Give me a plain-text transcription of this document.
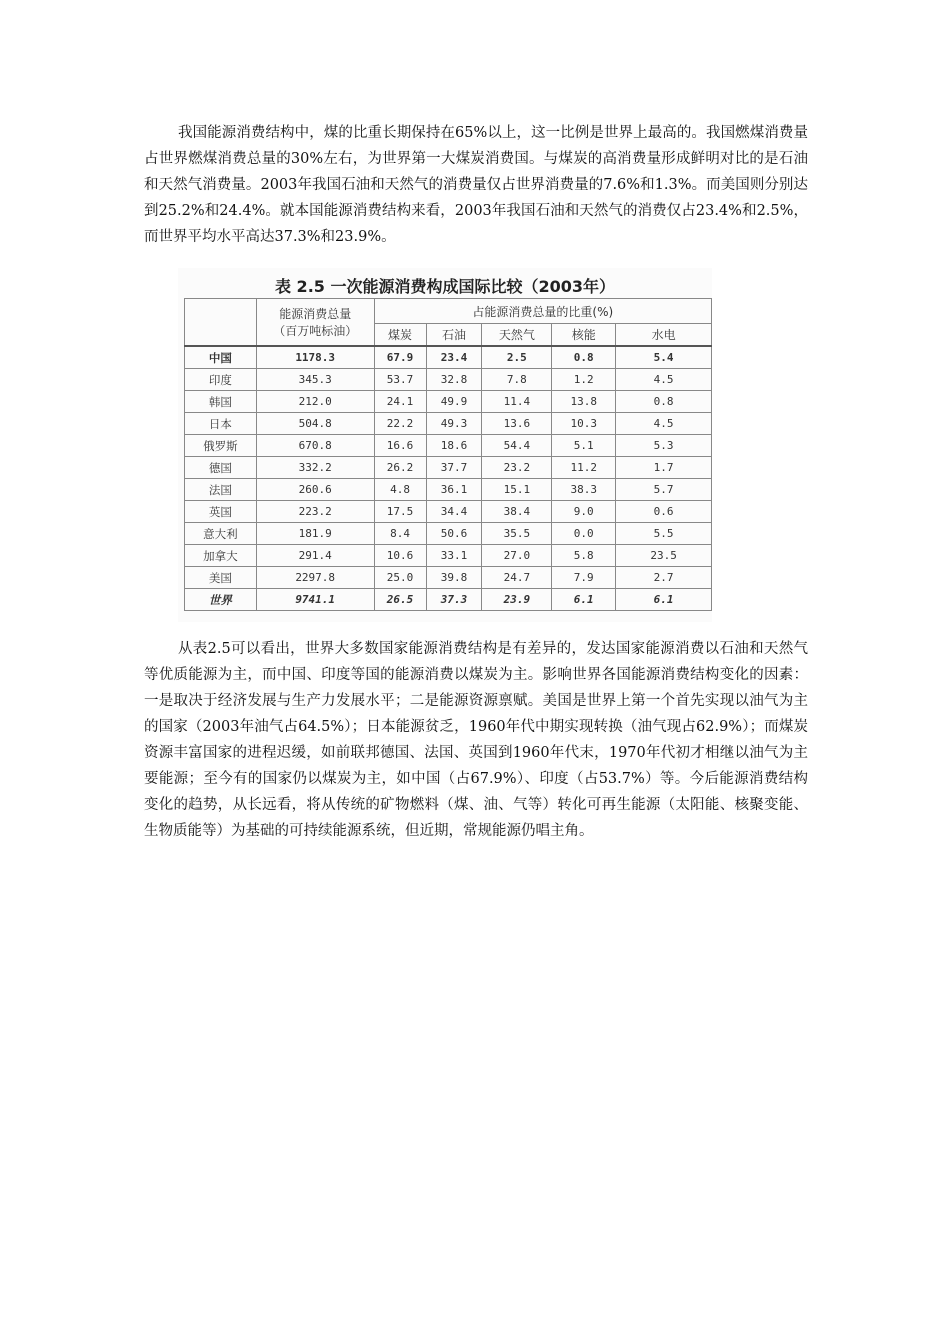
我国能源消费结构中，煤的比重长期保持在65%以上，这一比例是世界上最高的。我国燃煤消费量占世界燃煤消费总量的30%左右，为世界第一大煤炭消费国。与煤炭的高消费量形成鲜明对比的是石油和天然气消费量。2003年我国石油和天然气的消费量仅占世界消费量的7.6%和1.3%。而美国则分别达到25.2%和24.4%。就本国能源消费结构来看，2003年我国石油和天然气的消费仅占23.4%和2.5%，而世界平均水平高达37.3%和23.9%。

表 2.5 一次能源消费构成国际比较（2003年）

	能源消费总量
（百万吨标油）	占能源消费总量的比重(%)				
		煤炭	石油	天然气	核能	水电
中国	1178.3	67.9	23.4	2.5	0.8	5.4
印度	345.3	53.7	32.8	7.8	1.2	4.5
韩国	212.0	24.1	49.9	11.4	13.8	0.8
日本	504.8	22.2	49.3	13.6	10.3	4.5
俄罗斯	670.8	16.6	18.6	54.4	5.1	5.3
德国	332.2	26.2	37.7	23.2	11.2	1.7
法国	260.6	4.8	36.1	15.1	38.3	5.7
英国	223.2	17.5	34.4	38.4	9.0	0.6
意大利	181.9	8.4	50.6	35.5	0.0	5.5
加拿大	291.4	10.6	33.1	27.0	5.8	23.5
美国	2297.8	25.0	39.8	24.7	7.9	2.7
世界	9741.1	26.5	37.3	23.9	6.1	6.1

从表2.5可以看出，世界大多数国家能源消费结构是有差异的，发达国家能源消费以石油和天然气等优质能源为主，而中国、印度等国的能源消费以煤炭为主。影响世界各国能源消费结构变化的因素：一是取决于经济发展与生产力发展水平；二是能源资源禀赋。美国是世界上第一个首先实现以油气为主的国家（2003年油气占64.5%）；日本能源贫乏，1960年代中期实现转换（油气现占62.9%）；而煤炭资源丰富国家的进程迟缓，如前联邦德国、法国、英国到1960年代末，1970年代初才相继以油气为主要能源；至今有的国家仍以煤炭为主，如中国（占67.9%）、印度（占53.7%）等。今后能源消费结构变化的趋势，从长远看，将从传统的矿物燃料（煤、油、气等）转化可再生能源（太阳能、核聚变能、生物质能等）为基础的可持续能源系统，但近期，常规能源仍唱主角。
